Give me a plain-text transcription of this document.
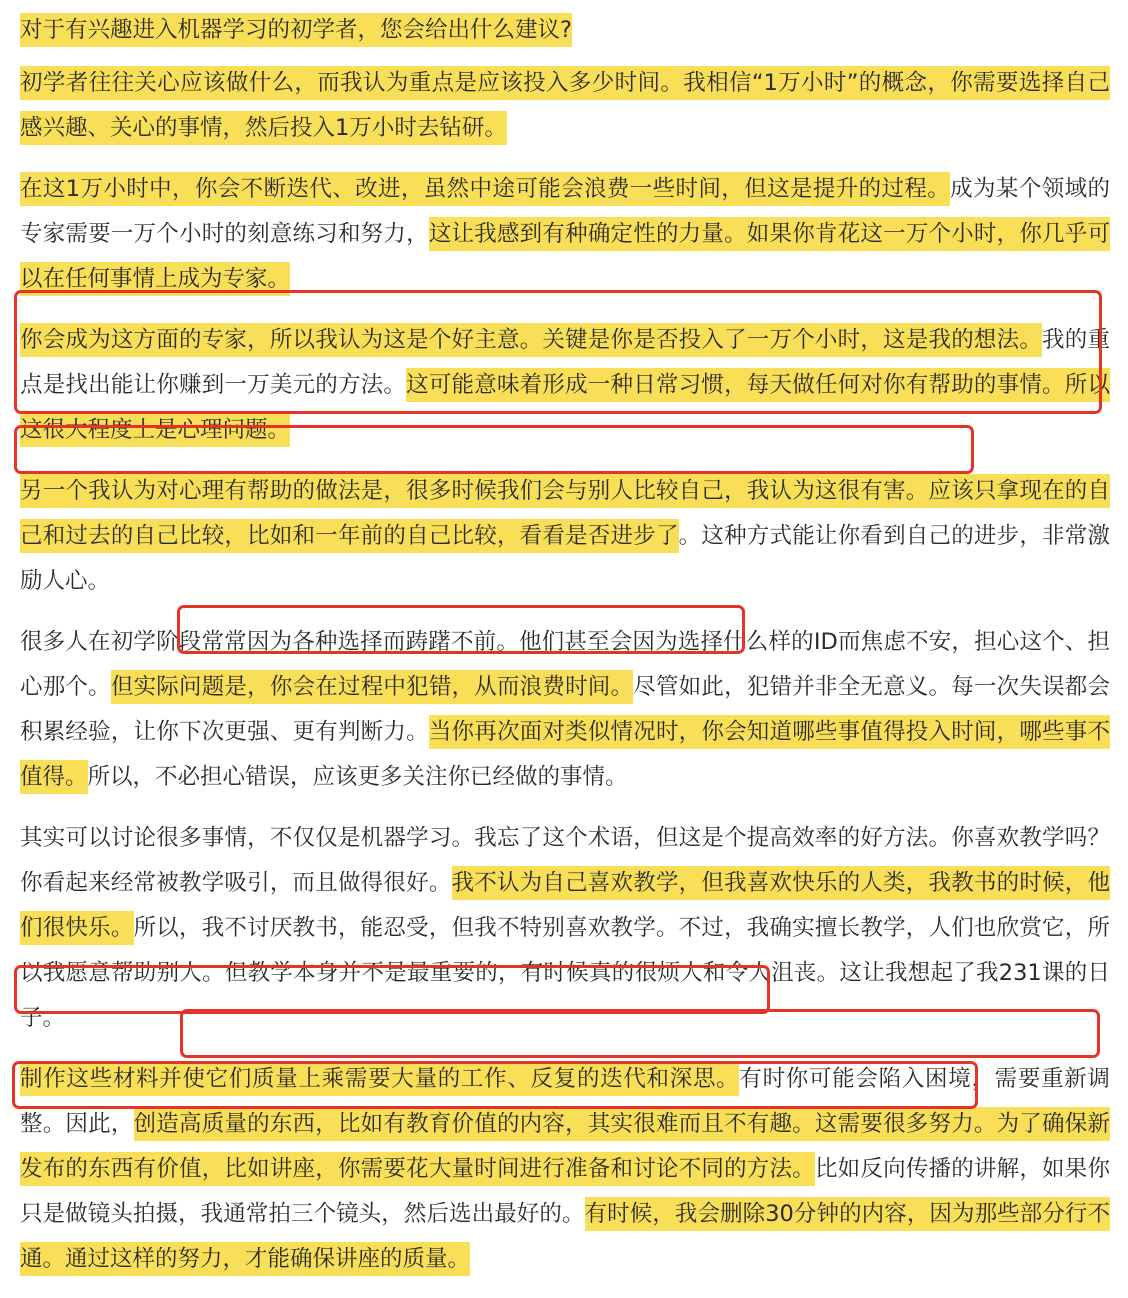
对于有兴趣进入机器学习的初学者，您会给出什么建议?

初学者往往关心应该做什么，而我认为重点是应该投入多少时间。我相信“1万小时”的概念，你需要选择自己感兴趣、关心的事情，然后投入1万小时去钻研。

在这1万小时中，你会不断迭代、改进，虽然中途可能会浪费一些时间，但这是提升的过程。成为某个领域的专家需要一万个小时的刻意练习和努力，这让我感到有种确定性的力量。如果你肯花这一万个小时，你几乎可以在任何事情上成为专家。

你会成为这方面的专家，所以我认为这是个好主意。关键是你是否投入了一万个小时，这是我的想法。我的重点是找出能让你赚到一万美元的方法。这可能意味着形成一种日常习惯，每天做任何对你有帮助的事情。所以这很大程度上是心理问题。

另一个我认为对心理有帮助的做法是，很多时候我们会与别人比较自己，我认为这很有害。应该只拿现在的自己和过去的自己比较，比如和一年前的自己比较，看看是否进步了。这种方式能让你看到自己的进步，非常激励人心。

很多人在初学阶段常常因为各种选择而踌躇不前。他们甚至会因为选择什么样的ID而焦虑不安，担心这个、担心那个。但实际问题是，你会在过程中犯错，从而浪费时间。尽管如此，犯错并非全无意义。每一次失误都会积累经验，让你下次更强、更有判断力。当你再次面对类似情况时，你会知道哪些事值得投入时间，哪些事不值得。所以，不必担心错误，应该更多关注你已经做的事情。

其实可以讨论很多事情，不仅仅是机器学习。我忘了这个术语，但这是个提高效率的好方法。你喜欢教学吗？你看起来经常被教学吸引，而且做得很好。我不认为自己喜欢教学，但我喜欢快乐的人类，我教书的时候，他们很快乐。所以，我不讨厌教书，能忍受，但我不特别喜欢教学。不过，我确实擅长教学，人们也欣赏它，所以我愿意帮助别人。但教学本身并不是最重要的，有时候真的很烦人和令人沮丧。这让我想起了我231课的日子。

制作这些材料并使它们质量上乘需要大量的工作、反复的迭代和深思。有时你可能会陷入困境，需要重新调整。因此，创造高质量的东西，比如有教育价值的内容，其实很难而且不有趣。这需要很多努力。为了确保新发布的东西有价值，比如讲座，你需要花大量时间进行准备和讨论不同的方法。比如反向传播的讲解，如果你只是做镜头拍摄，我通常拍三个镜头，然后选出最好的。有时候，我会删除30分钟的内容，因为那些部分行不通。通过这样的努力，才能确保讲座的质量。
